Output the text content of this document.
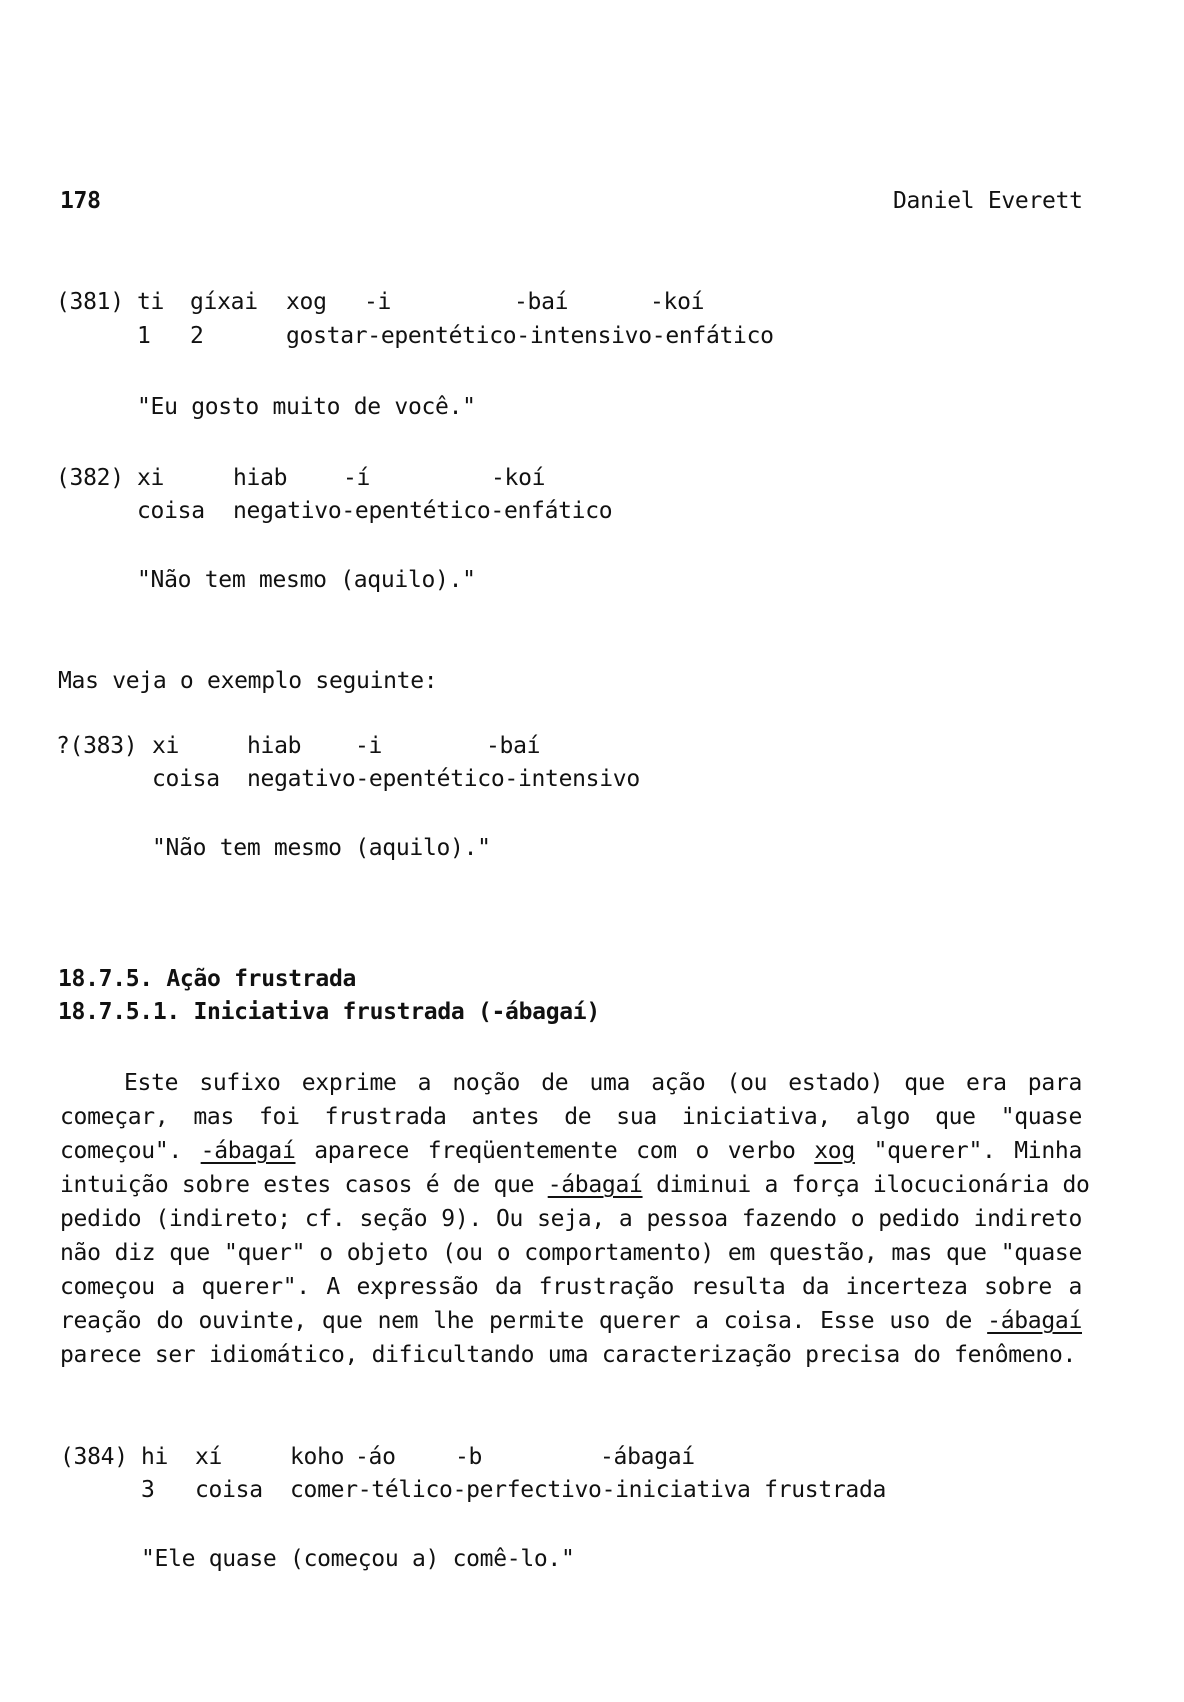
178	Daniel Everett
(381) ti gíxai xog -i	-baí	-koí
1 2	gostar-epentético-intensivo-enfático
"Eu gosto muito de você."
(382) xi	hiab -í	-koí
coisa negativo-epentético-enfático
"Não tem mesmo (aquilo)."
Mas veja o exemplo seguinte:
?(383) xi	hiab -i	-baí
coisa negativo-epentético-intensivo
"Não tem mesmo (aquilo)."
18.7.5. Ação frustrada
18.7.5.1. Iniciativa frustrada (-ábagaí)
Este sufixo exprime a noção de uma ação (ou estado) que era para
começar, mas foi frustrada antes de sua iniciativa, algo que "quase
começou". -ábagaí aparece freqüentemente com o verbo xog "querer". Minha
intuição sobre estes casos é de que -ábagaí diminui a força ilocucionária do
pedido (indireto; cf. seção 9). Ou seja, a pessoa fazendo o pedido indireto
não diz que "quer" o objeto (ou o comportamento) em questão, mas que "quase
começou a querer". A expressão da frustração resulta da incerteza sobre a
reação do ouvinte, que nem lhe permite querer a coisa. Esse uso de -ábagaí
parece ser idiomático, dificultando uma caracterização precisa do fenômeno.
(384) hi xí	koho -áo	-b	-ábagaí
3 coisa comer-télico-perfectivo-iniciativa frustrada
"Ele quase (começou a) comê-lo."
